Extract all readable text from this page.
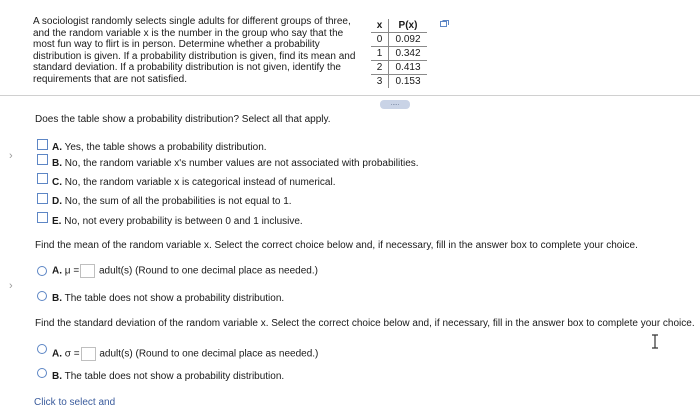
A sociologist randomly selects single adults for different groups of three,
and the random variable x is the number in the group who say that the
most fun way to flirt is in person. Determine whether a probability
distribution is given. If a probability distribution is given, find its mean and
standard deviation. If a probability distribution is not given, identify the
requirements that are not satisfied.
x	P(x)
0	0.092
1	0.342
2	0.413
3	0.153
.....
Does the table show a probability distribution? Select all that apply.
A. Yes, the table shows a probability distribution.
›
B. No, the random variable x's number values are not associated with probabilities.
C. No, the random variable x is categorical instead of numerical.
D. No, the sum of all the probabilities is not equal to 1.
E. No, not every probability is between 0 and 1 inclusive.
Find the mean of the random variable x. Select the correct choice below and, if necessary, fill in the answer box to complete your choice.
A. μ = adult(s) (Round to one decimal place as needed.)
›
B. The table does not show a probability distribution.
Find the standard deviation of the random variable x. Select the correct choice below and, if necessary, fill in the answer box to complete your choice.
A. σ = adult(s) (Round to one decimal place as needed.)
B. The table does not show a probability distribution.
Click to select and
